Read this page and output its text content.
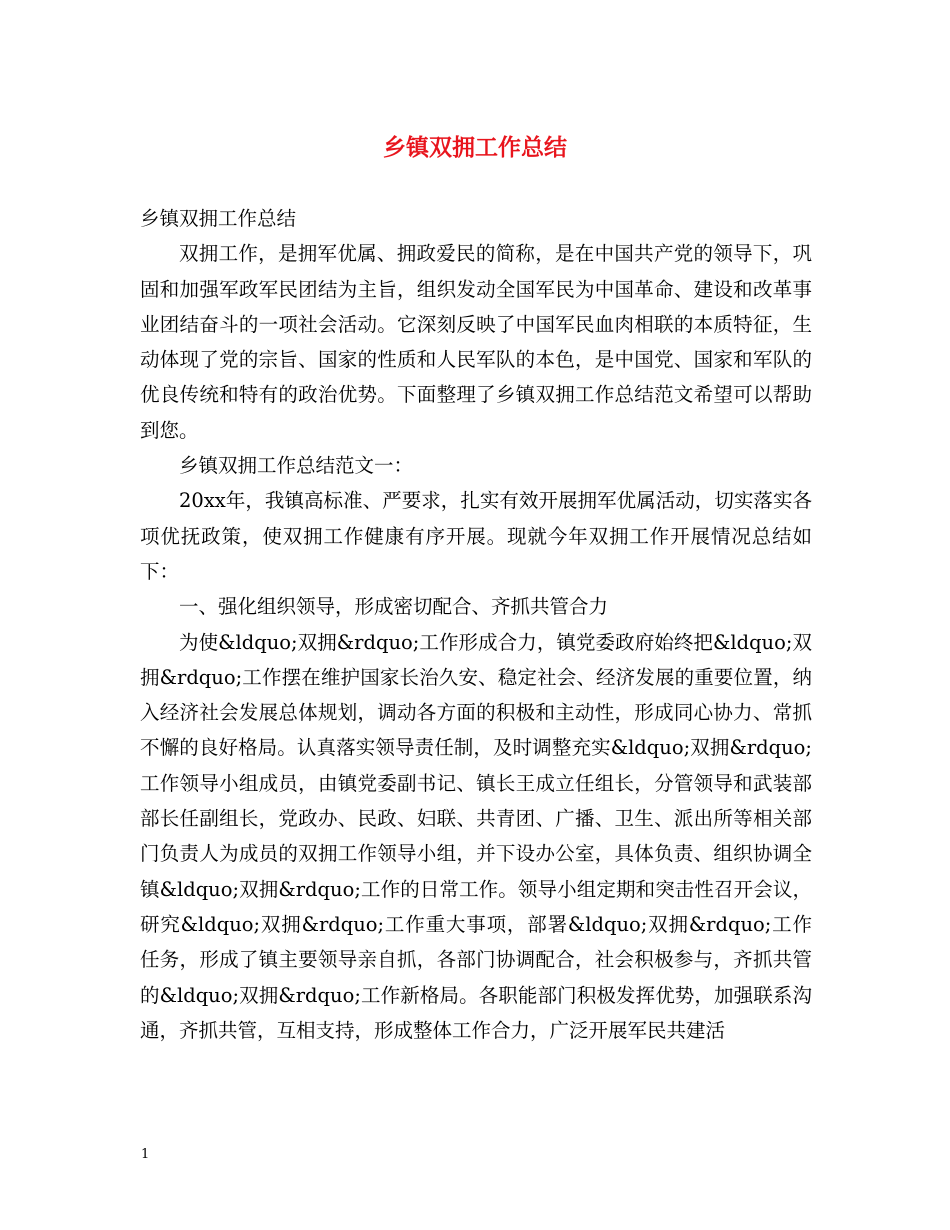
乡镇双拥工作总结

乡镇双拥工作总结

双拥工作，是拥军优属、拥政爱民的简称，是在中国共产党的领导下，巩固和加强军政军民团结为主旨，组织发动全国军民为中国革命、建设和改革事业团结奋斗的一项社会活动。它深刻反映了中国军民血肉相联的本质特征，生动体现了党的宗旨、国家的性质和人民军队的本色，是中国党、国家和军队的优良传统和特有的政治优势。下面整理了乡镇双拥工作总结范文希望可以帮助到您。

乡镇双拥工作总结范文一：

20xx年，我镇高标准、严要求，扎实有效开展拥军优属活动，切实落实各项优抚政策，使双拥工作健康有序开展。现就今年双拥工作开展情况总结如下：

一、强化组织领导，形成密切配合、齐抓共管合力

为使&ldquo;双拥&rdquo;工作形成合力，镇党委政府始终把&ldquo;双拥&rdquo;工作摆在维护国家长治久安、稳定社会、经济发展的重要位置，纳入经济社会发展总体规划，调动各方面的积极和主动性，形成同心协力、常抓不懈的良好格局。认真落实领导责任制，及时调整充实&ldquo;双拥&rdquo;工作领导小组成员，由镇党委副书记、镇长王成立任组长，分管领导和武装部部长任副组长，党政办、民政、妇联、共青团、广播、卫生、派出所等相关部门负责人为成员的双拥工作领导小组，并下设办公室，具体负责、组织协调全镇&ldquo;双拥&rdquo;工作的日常工作。领导小组定期和突击性召开会议，研究&ldquo;双拥&rdquo;工作重大事项，部署&ldquo;双拥&rdquo;工作任务，形成了镇主要领导亲自抓，各部门协调配合，社会积极参与，齐抓共管的&ldquo;双拥&rdquo;工作新格局。各职能部门积极发挥优势，加强联系沟通，齐抓共管，互相支持，形成整体工作合力，广泛开展军民共建活

1
